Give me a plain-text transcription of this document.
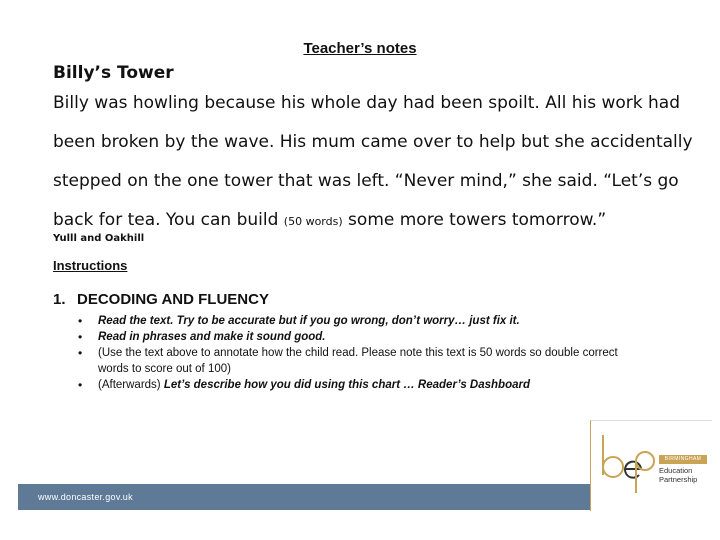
Teacher’s notes
Billy’s Tower
Billy was howling because his whole day had been spoilt. All his work had
been broken by the wave. His mum came over to help but she accidentally
stepped on the one tower that was left. “Never mind,” she said. “Let’s go
back for tea. You can build (50 words) some more towers tomorrow.”
Yulll and Oakhill
Instructions
1. DECODING AND FLUENCY
• Read the text. Try to be accurate but if you go wrong, don’t worry… just fix it.
• Read in phrases and make it sound good.
• (Use the text above to annotate how the child read. Please note this text is 50 words so double correct words to score out of 100)
• (Afterwards) Let’s describe how you did using this chart … Reader’s Dashboard
www.doncaster.gov.uk
BIRMINGHAM
Education
Partnership
